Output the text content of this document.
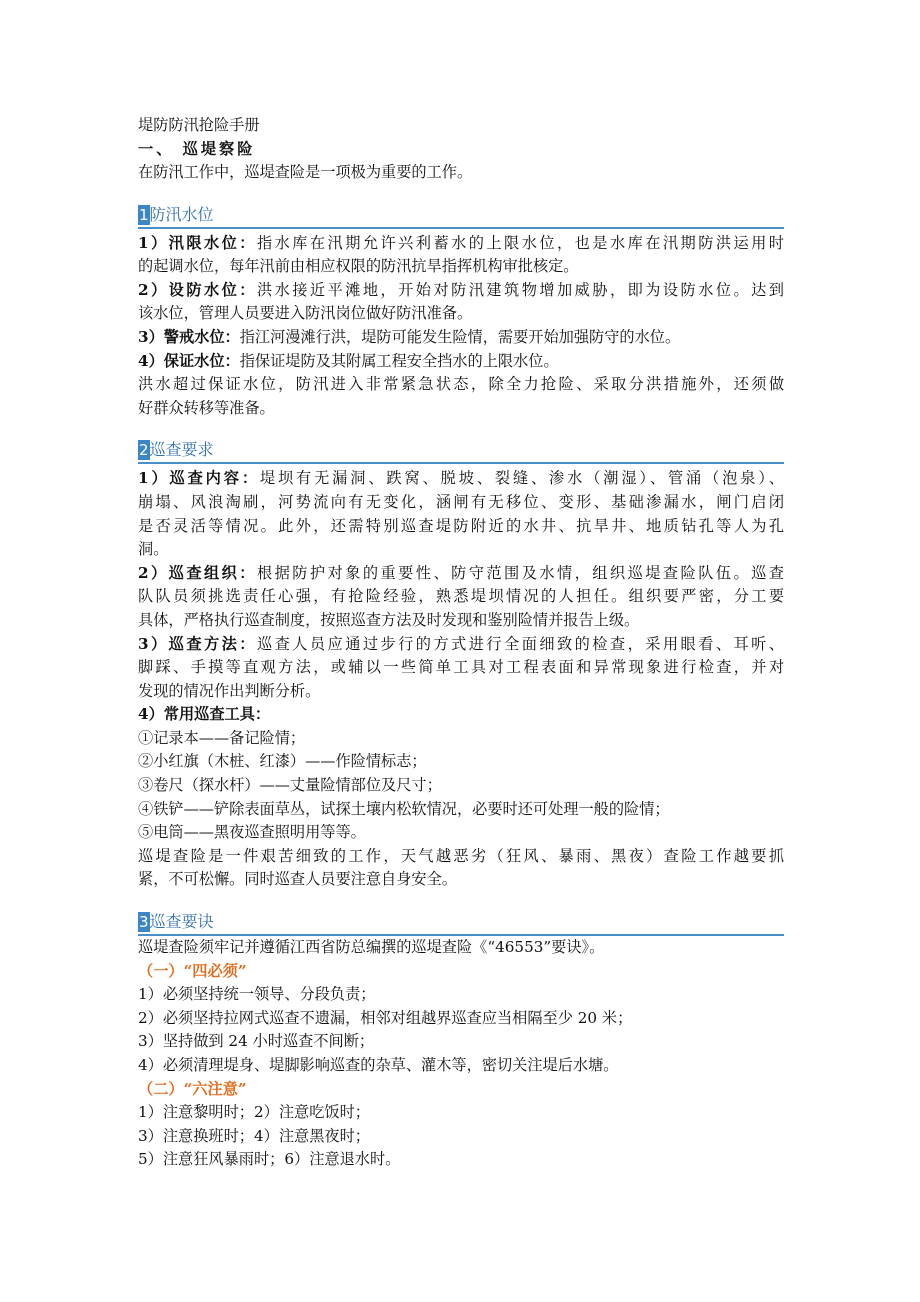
堤防防汛抢险手册
一、 巡堤察险
在防汛工作中，巡堤查险是一项极为重要的工作。
1防汛水位
1）汛限水位：指水库在汛期允许兴利蓄水的上限水位，也是水库在汛期防洪运用时
的起调水位，每年汛前由相应权限的防汛抗旱指挥机构审批核定。
2）设防水位：洪水接近平滩地，开始对防汛建筑物增加威胁，即为设防水位。达到
该水位，管理人员要进入防汛岗位做好防汛准备。
3）警戒水位：指江河漫滩行洪，堤防可能发生险情，需要开始加强防守的水位。
4）保证水位：指保证堤防及其附属工程安全挡水的上限水位。
洪水超过保证水位，防汛进入非常紧急状态，除全力抢险、采取分洪措施外，还须做
好群众转移等准备。
2巡查要求
1）巡查内容：堤坝有无漏洞、跌窝、脱坡、裂缝、渗水（潮湿）、管涌（泡泉）、
崩塌、风浪淘刷，河势流向有无变化，涵闸有无移位、变形、基础渗漏水，闸门启闭
是否灵活等情况。此外，还需特别巡查堤防附近的水井、抗旱井、地质钻孔等人为孔
洞。
2）巡查组织：根据防护对象的重要性、防守范围及水情，组织巡堤查险队伍。巡查
队队员须挑选责任心强，有抢险经验，熟悉堤坝情况的人担任。组织要严密，分工要
具体，严格执行巡查制度，按照巡查方法及时发现和鉴别险情并报告上级。
3）巡查方法：巡查人员应通过步行的方式进行全面细致的检查，采用眼看、耳听、
脚踩、手摸等直观方法，或辅以一些简单工具对工程表面和异常现象进行检查，并对
发现的情况作出判断分析。
4）常用巡查工具：
①记录本——备记险情；
②小红旗（木桩、红漆）——作险情标志；
③卷尺（探水杆）——丈量险情部位及尺寸；
④铁铲——铲除表面草丛，试探土壤内松软情况，必要时还可处理一般的险情；
⑤电筒——黑夜巡查照明用等等。
巡堤查险是一件艰苦细致的工作，天气越恶劣（狂风、暴雨、黑夜）查险工作越要抓
紧，不可松懈。同时巡查人员要注意自身安全。
3巡查要诀
巡堤查险须牢记并遵循江西省防总编撰的巡堤查险《“46553”要诀》。
（一）“四必须”
1）必须坚持统一领导、分段负责；
2）必须坚持拉网式巡查不遗漏，相邻对组越界巡查应当相隔至少 20 米；
3）坚持做到 24 小时巡查不间断；
4）必须清理堤身、堤脚影响巡查的杂草、灌木等，密切关注堤后水塘。
（二）“六注意”
1）注意黎明时；2）注意吃饭时；
3）注意换班时；4）注意黑夜时；
5）注意狂风暴雨时；6）注意退水时。
